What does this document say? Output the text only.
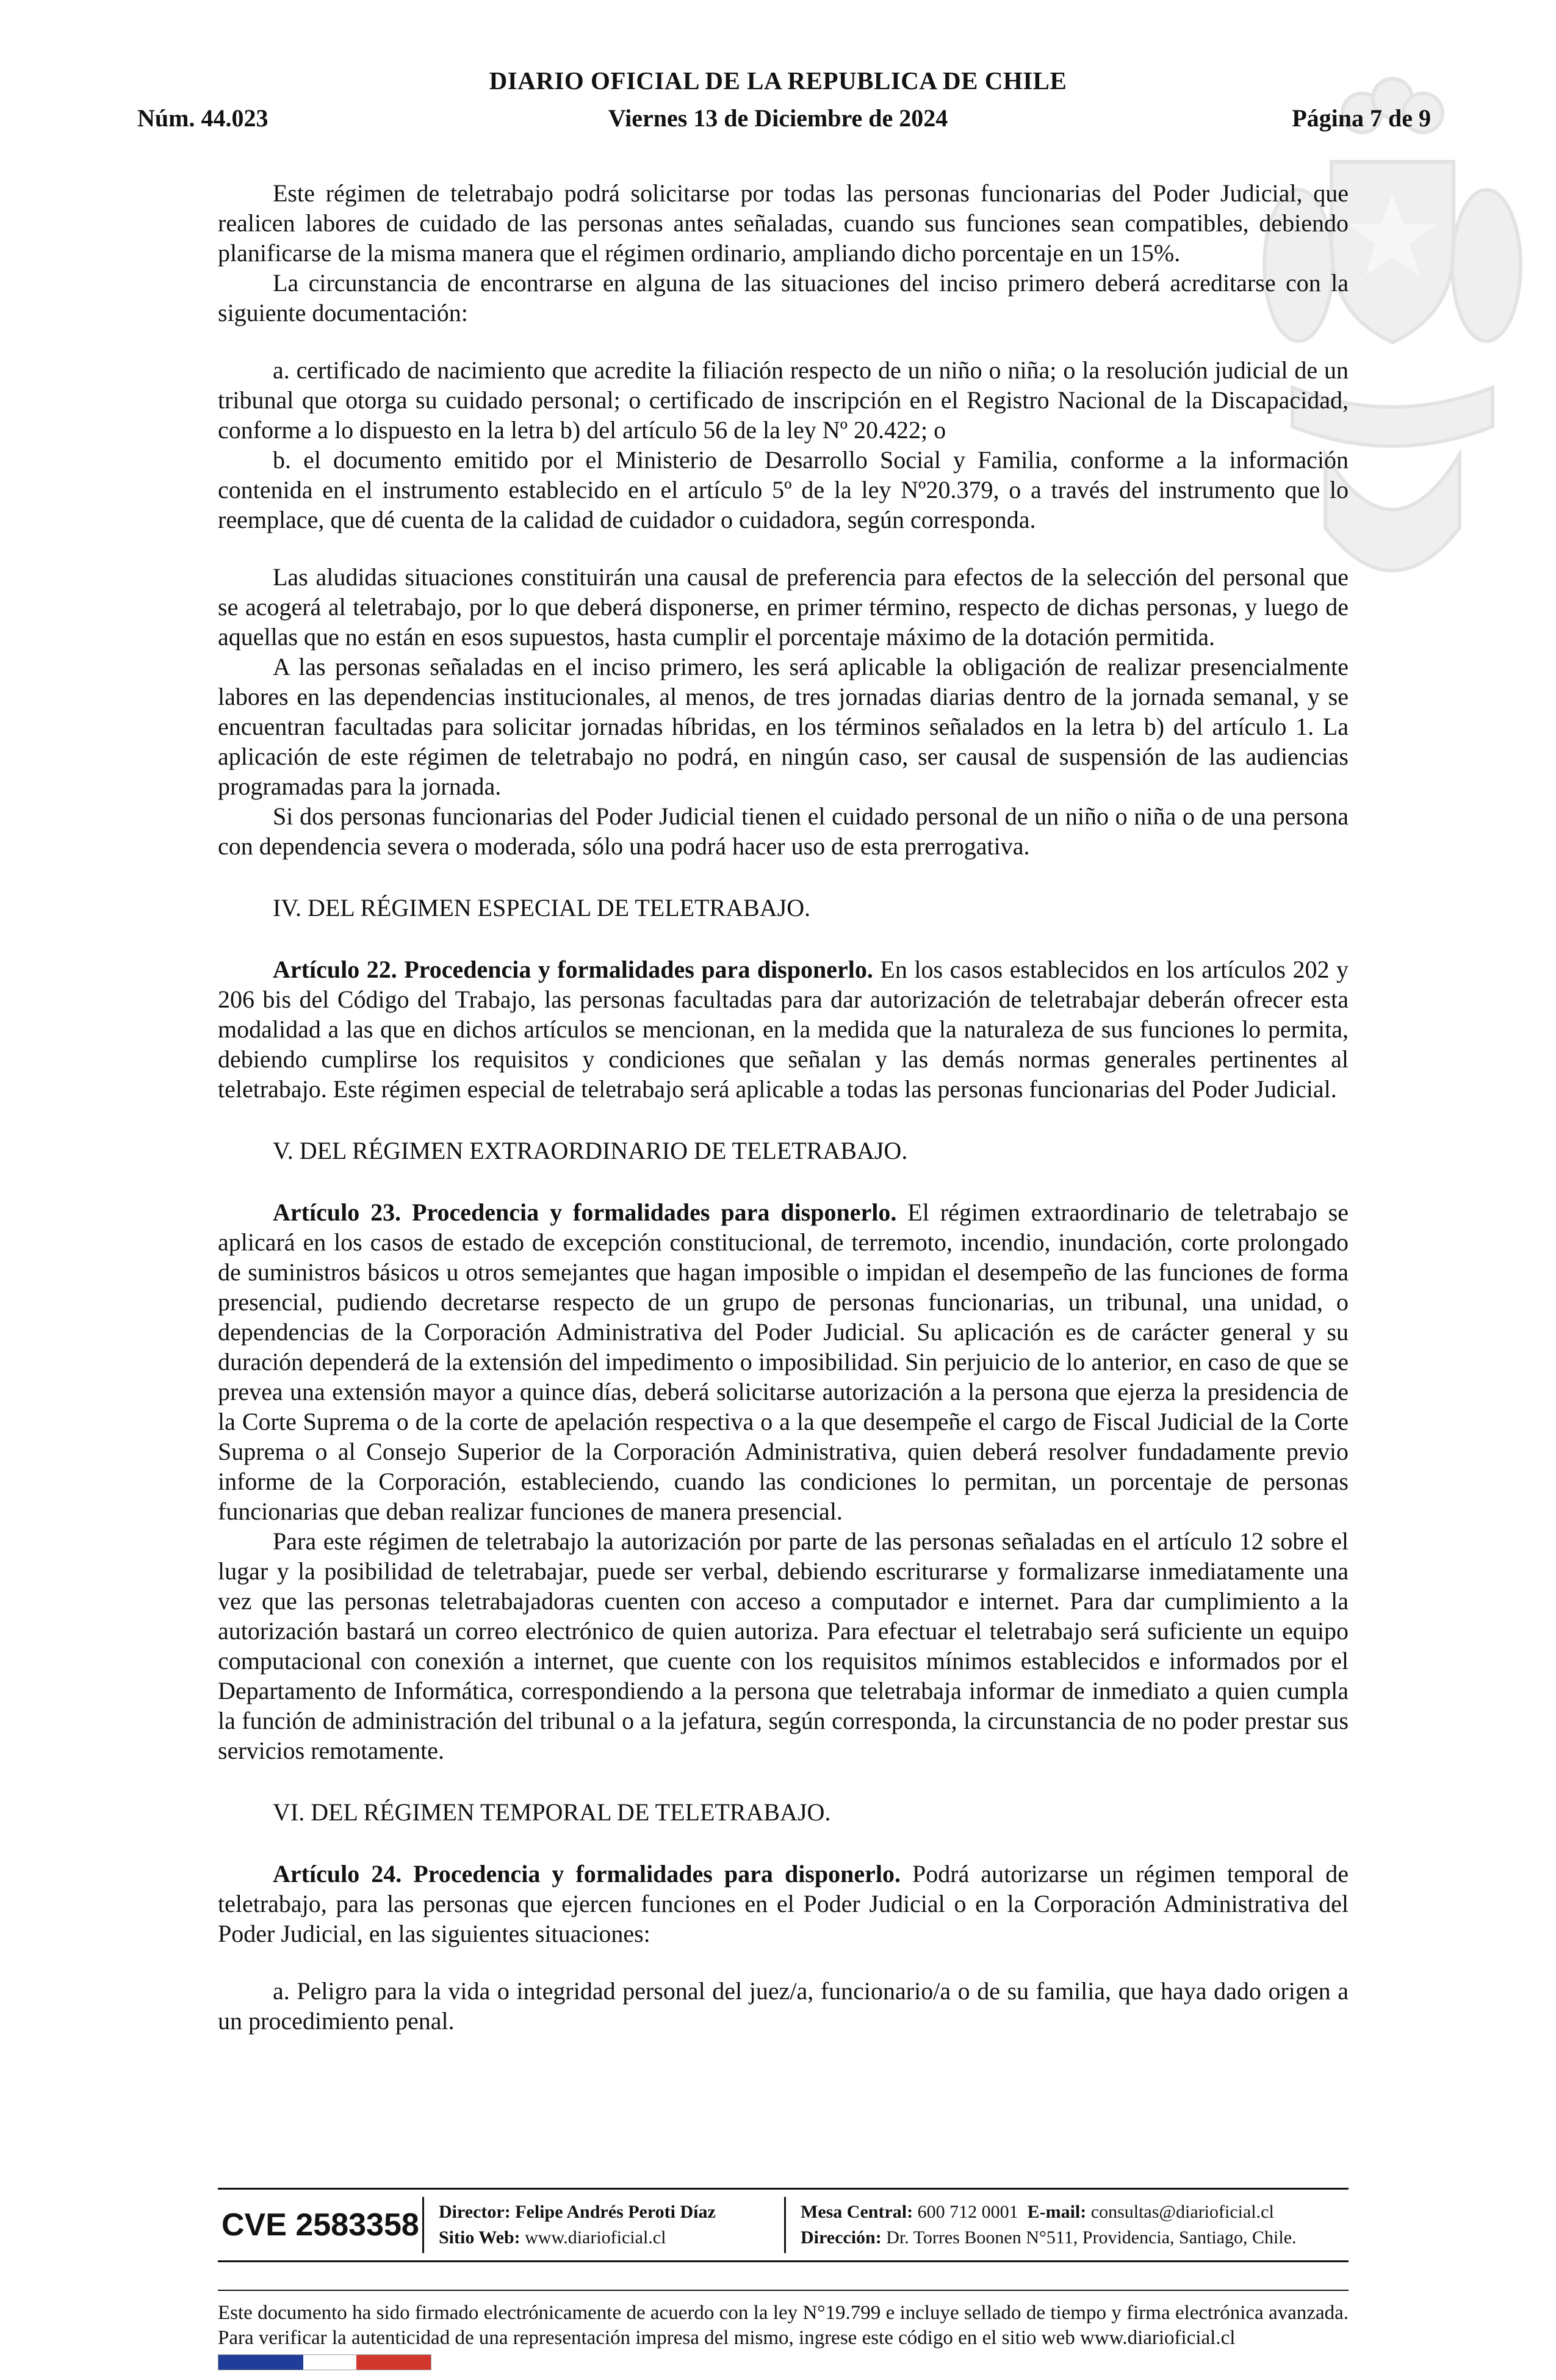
DIARIO OFICIAL DE LA REPUBLICA DE CHILE
Núm. 44.023	Viernes 13 de Diciembre de 2024	Página 7 de 9

Este régimen de teletrabajo podrá solicitarse por todas las personas funcionarias del Poder Judicial, que realicen labores de cuidado de las personas antes señaladas, cuando sus funciones sean compatibles, debiendo planificarse de la misma manera que el régimen ordinario, ampliando dicho porcentaje en un 15%.

La circunstancia de encontrarse en alguna de las situaciones del inciso primero deberá acreditarse con la siguiente documentación:

a. certificado de nacimiento que acredite la filiación respecto de un niño o niña; o la resolución judicial de un tribunal que otorga su cuidado personal; o certificado de inscripción en el Registro Nacional de la Discapacidad, conforme a lo dispuesto en la letra b) del artículo 56 de la ley Nº 20.422; o

b. el documento emitido por el Ministerio de Desarrollo Social y Familia, conforme a la información contenida en el instrumento establecido en el artículo 5º de la ley Nº20.379, o a través del instrumento que lo reemplace, que dé cuenta de la calidad de cuidador o cuidadora, según corresponda.

Las aludidas situaciones constituirán una causal de preferencia para efectos de la selección del personal que se acogerá al teletrabajo, por lo que deberá disponerse, en primer término, respecto de dichas personas, y luego de aquellas que no están en esos supuestos, hasta cumplir el porcentaje máximo de la dotación permitida.

A las personas señaladas en el inciso primero, les será aplicable la obligación de realizar presencialmente labores en las dependencias institucionales, al menos, de tres jornadas diarias dentro de la jornada semanal, y se encuentran facultadas para solicitar jornadas híbridas, en los términos señalados en la letra b) del artículo 1. La aplicación de este régimen de teletrabajo no podrá, en ningún caso, ser causal de suspensión de las audiencias programadas para la jornada.

Si dos personas funcionarias del Poder Judicial tienen el cuidado personal de un niño o niña o de una persona con dependencia severa o moderada, sólo una podrá hacer uso de esta prerrogativa.

IV. DEL RÉGIMEN ESPECIAL DE TELETRABAJO.

Artículo 22. Procedencia y formalidades para disponerlo. En los casos establecidos en los artículos 202 y 206 bis del Código del Trabajo, las personas facultadas para dar autorización de teletrabajar deberán ofrecer esta modalidad a las que en dichos artículos se mencionan, en la medida que la naturaleza de sus funciones lo permita, debiendo cumplirse los requisitos y condiciones que señalan y las demás normas generales pertinentes al teletrabajo. Este régimen especial de teletrabajo será aplicable a todas las personas funcionarias del Poder Judicial.

V. DEL RÉGIMEN EXTRAORDINARIO DE TELETRABAJO.

Artículo 23. Procedencia y formalidades para disponerlo. El régimen extraordinario de teletrabajo se aplicará en los casos de estado de excepción constitucional, de terremoto, incendio, inundación, corte prolongado de suministros básicos u otros semejantes que hagan imposible o impidan el desempeño de las funciones de forma presencial, pudiendo decretarse respecto de un grupo de personas funcionarias, un tribunal, una unidad, o dependencias de la Corporación Administrativa del Poder Judicial. Su aplicación es de carácter general y su duración dependerá de la extensión del impedimento o imposibilidad. Sin perjuicio de lo anterior, en caso de que se prevea una extensión mayor a quince días, deberá solicitarse autorización a la persona que ejerza la presidencia de la Corte Suprema o de la corte de apelación respectiva o a la que desempeñe el cargo de Fiscal Judicial de la Corte Suprema o al Consejo Superior de la Corporación Administrativa, quien deberá resolver fundadamente previo informe de la Corporación, estableciendo, cuando las condiciones lo permitan, un porcentaje de personas funcionarias que deban realizar funciones de manera presencial.

Para este régimen de teletrabajo la autorización por parte de las personas señaladas en el artículo 12 sobre el lugar y la posibilidad de teletrabajar, puede ser verbal, debiendo escriturarse y formalizarse inmediatamente una vez que las personas teletrabajadoras cuenten con acceso a computador e internet. Para dar cumplimiento a la autorización bastará un correo electrónico de quien autoriza. Para efectuar el teletrabajo será suficiente un equipo computacional con conexión a internet, que cuente con los requisitos mínimos establecidos e informados por el Departamento de Informática, correspondiendo a la persona que teletrabaja informar de inmediato a quien cumpla la función de administración del tribunal o a la jefatura, según corresponda, la circunstancia de no poder prestar sus servicios remotamente.

VI. DEL RÉGIMEN TEMPORAL DE TELETRABAJO.

Artículo 24. Procedencia y formalidades para disponerlo. Podrá autorizarse un régimen temporal de teletrabajo, para las personas que ejercen funciones en el Poder Judicial o en la Corporación Administrativa del Poder Judicial, en las siguientes situaciones:

a. Peligro para la vida o integridad personal del juez/a, funcionario/a o de su familia, que haya dado origen a un procedimiento penal.

CVE 2583358 Director: Felipe Andrés Peroti Díaz
Sitio Web: www.diarioficial.cl
Mesa Central: 600 712 0001 E-mail: consultas@diarioficial.cl
Dirección: Dr. Torres Boonen N°511, Providencia, Santiago, Chile.
Este documento ha sido firmado electrónicamente de acuerdo con la ley N°19.799 e incluye sellado de tiempo y firma electrónica avanzada. Para verificar la autenticidad de una representación impresa del mismo, ingrese este código en el sitio web www.diarioficial.cl
